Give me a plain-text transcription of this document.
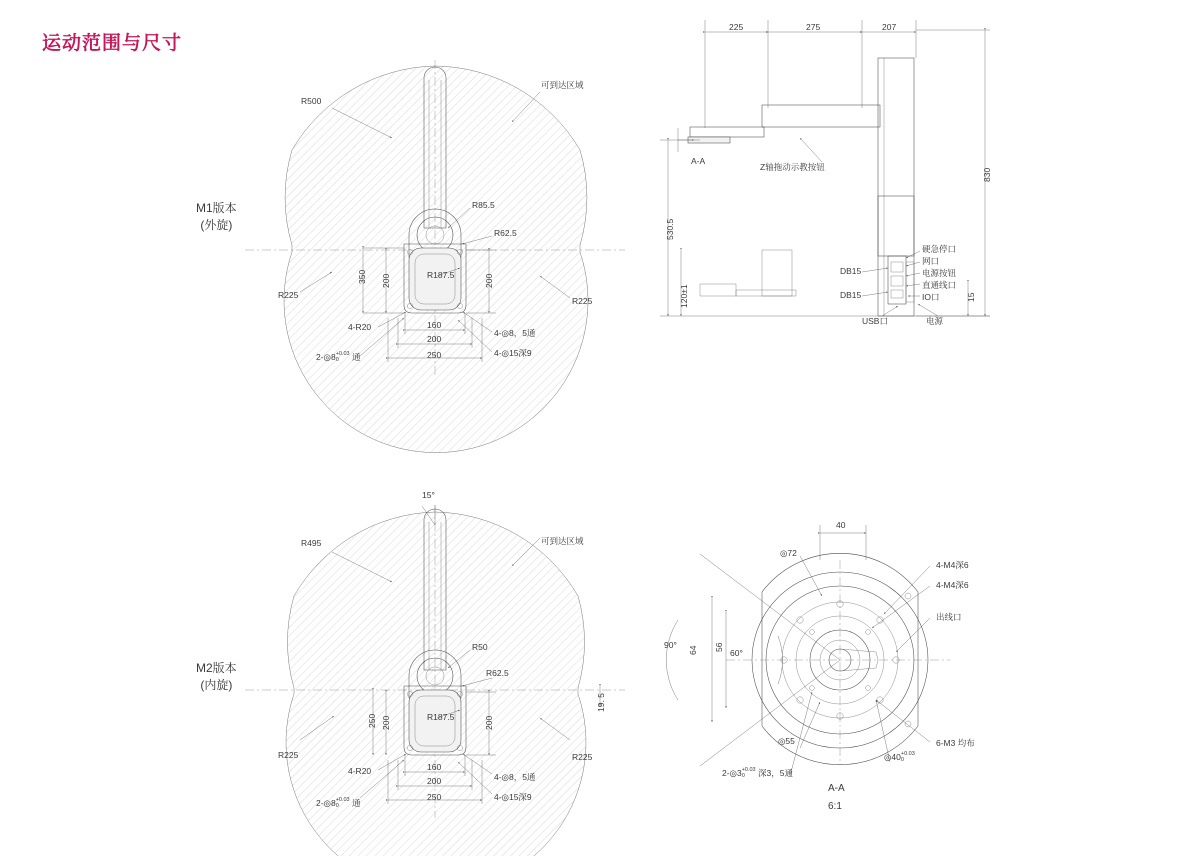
运动范围与尺寸
M1版本
(外旋)
R500
可到达区域
R225
R225
R85.5
R62.5
R187.5
350 200	200
160
200
250
4-R20
2-◎8+0.03
0 通
4-◎8，5通
4-◎15深9
225	275	207
830
15
530.5
120±1
A-A
Z轴拖动示教按钮
硬急停口
网口
电源按钮
直通线口
IO口
DB15
DB15
USB口	电源
M2版本
(内旋)
15°
R495	可到达区域
R225	R225
R50
R62.5
R187.5
250 200	200
19. 5
160
200
250
4-R20
2-◎8+0.03
0 通
4-◎8，5通
4-◎15深9
40
◎72
◎55
◎40+0.03
0
64 56
90°
60°
4-M4深6
4-M4深6
出线口
6-M3 均布
2-◎3+0.03
0 深3，5通
A-A
6:1
